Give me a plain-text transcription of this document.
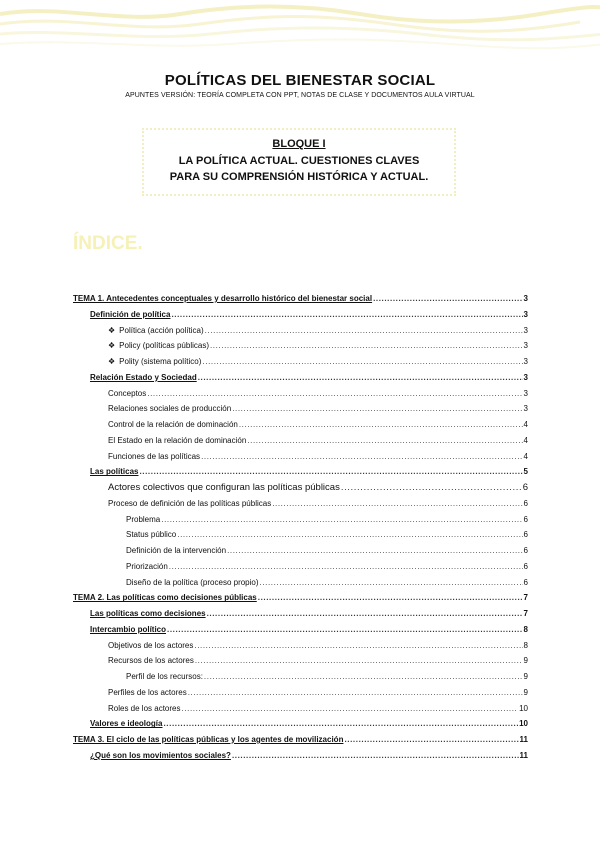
POLÍTICAS DEL BIENESTAR SOCIAL
APUNTES VERSIÓN: TEORÍA COMPLETA CON PPT, NOTAS DE CLASE Y DOCUMENTOS AULA VIRTUAL
BLOQUE I
LA POLÍTICA ACTUAL. CUESTIONES CLAVES
PARA SU COMPRENSIÓN HISTÓRICA Y ACTUAL.
ÍNDICE.
TEMA 1. Antecedentes conceptuales y desarrollo histórico del bienestar social .....	3
Definición de política .....	3
❖ Política (acción política) .....	3
❖ Policy (políticas públicas) .....	3
❖ Polity (sistema político) .....	3
Relación Estado y Sociedad .....	3
Conceptos .....	3
Relaciones sociales de producción .....	3
Control de la relación de dominación .....	4
El Estado en la relación de dominación .....	4
Funciones de las políticas .....	4
Las políticas .....	5
Actores colectivos que configuran las políticas públicas .....	6
Proceso de definición de las políticas públicas .....	6
Problema .....	6
Status público .....	6
Definición de la intervención .....	6
Priorización .....	6
Diseño de la política (proceso propio) .....	6
TEMA 2. Las políticas como decisiones públicas .....	7
Las políticas como decisiones .....	7
Intercambio político .....	8
Objetivos de los actores .....	8
Recursos de los actores .....	9
Perfil de los recursos: .....	9
Perfiles de los actores .....	9
Roles de los actores .....	10
Valores e ideología .....	10
TEMA 3. El ciclo de las políticas públicas y los agentes de movilización .....	11
¿Qué son los movimientos sociales? .....	11
